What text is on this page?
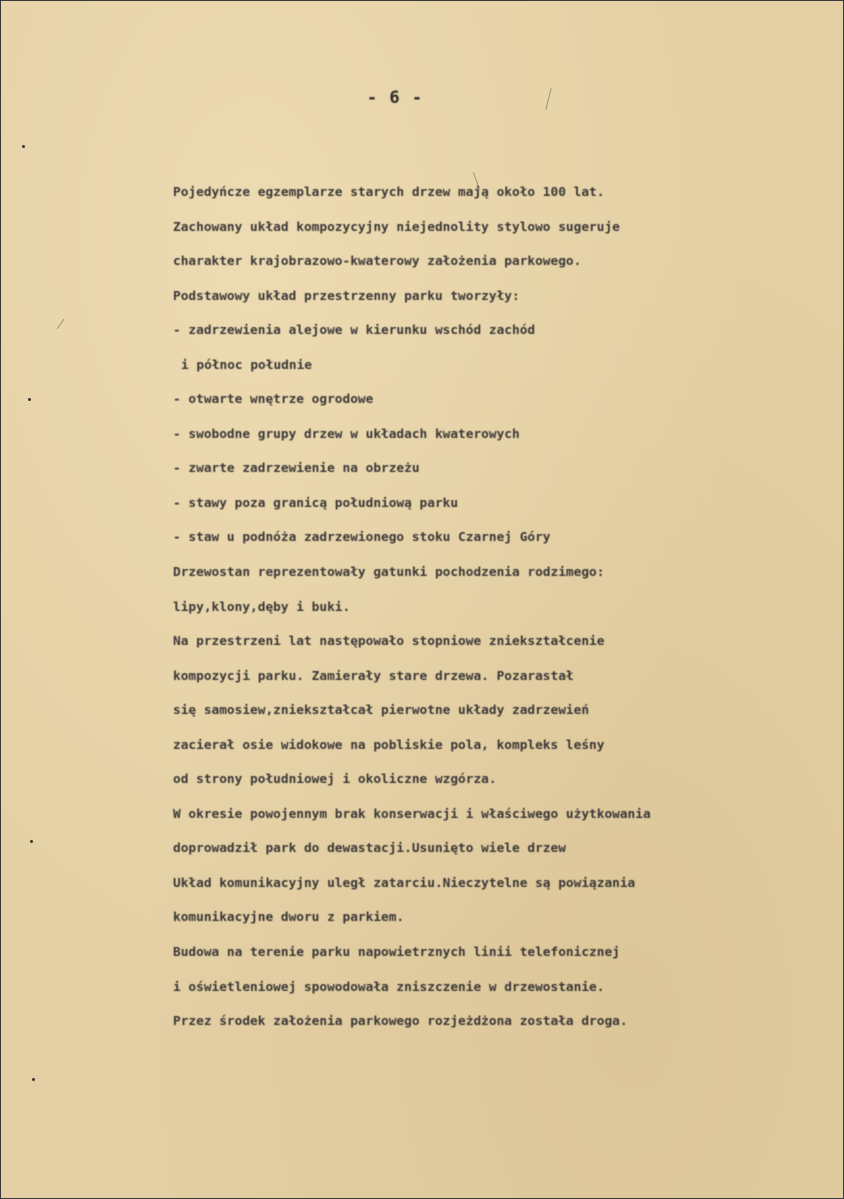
- 6 -
Pojedyńcze egzemplarze starych drzew mają około 100 lat.
Zachowany układ kompozycyjny niejednolity stylowo sugeruje
charakter krajobrazowo-kwaterowy założenia parkowego.
Podstawowy układ przestrzenny parku tworzyły:
- zadrzewienia alejowe w kierunku wschód zachód
i północ południe
- otwarte wnętrze ogrodowe
- swobodne grupy drzew w układach kwaterowych
- zwarte zadrzewienie na obrzeżu
- stawy poza granicą południową parku
- staw u podnóża zadrzewionego stoku Czarnej Góry
Drzewostan reprezentowały gatunki pochodzenia rodzimego:
lipy,klony,dęby i buki.
Na przestrzeni lat następowało stopniowe zniekształcenie
kompozycji parku. Zamierały stare drzewa. Pozarastał
się samosiew,zniekształcał pierwotne układy zadrzewień
zacierał osie widokowe na pobliskie pola, kompleks leśny
od strony południowej i okoliczne wzgórza.
W okresie powojennym brak konserwacji i właściwego użytkowania
doprowadził park do dewastacji.Usunięto wiele drzew
Układ komunikacyjny uległ zatarciu.Nieczytelne są powiązania
komunikacyjne dworu z parkiem.
Budowa na terenie parku napowietrznych linii telefonicznej
i oświetleniowej spowodowała zniszczenie w drzewostanie.
Przez środek założenia parkowego rozjeżdżona została droga.
